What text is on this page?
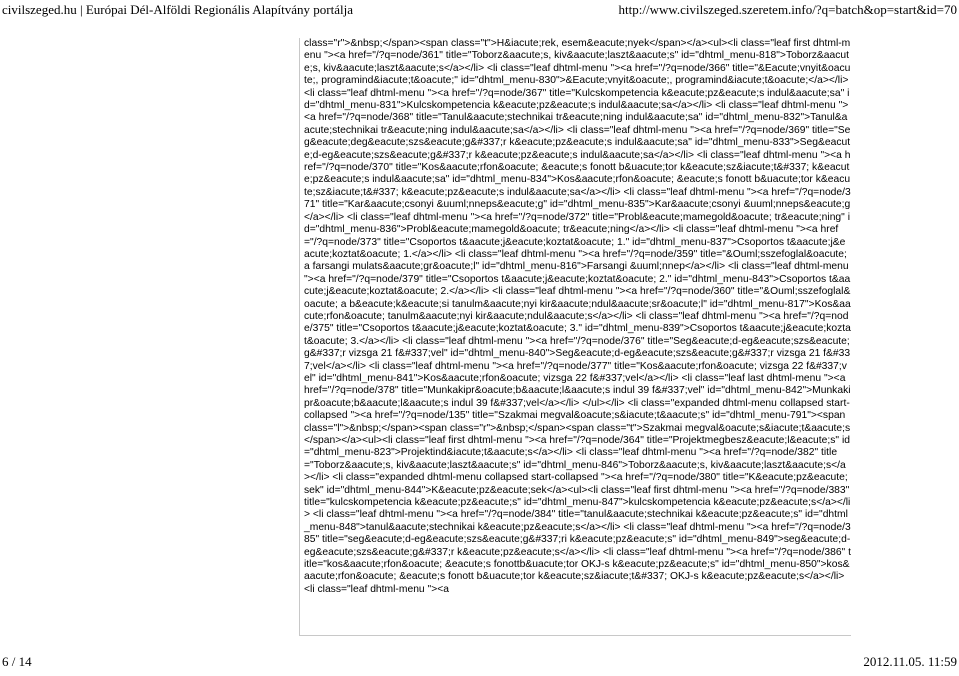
civilszeged.hu | Európai Dél-Alföldi Regionális Alapítvány portálja	http://www.civilszeged.szeretem.info/?q=batch&op=start&id=70

class="r">&nbsp;</span><span class="t">H&iacute;rek, esem&eacute;nyek</span></a><ul><li class="leaf first dhtml-menu "><a href="/?q=node/361" title="Toborz&aacute;s, kiv&aacute;laszt&aacute;s" id="dhtml_menu-818">Toborz&aacute;s, kiv&aacute;laszt&aacute;s</a></li> <li class="leaf dhtml-menu "><a href="/?q=node/366" title="&Eacute;vnyit&oacute;, programind&iacute;t&oacute;" id="dhtml_menu-830">&Eacute;vnyit&oacute;, programind&iacute;t&oacute;</a></li> <li class="leaf dhtml-menu "><a href="/?q=node/367" title="Kulcskompetencia k&eacute;pz&eacute;s indul&aacute;sa" id="dhtml_menu-831">Kulcskompetencia k&eacute;pz&eacute;s indul&aacute;sa</a></li> <li class="leaf dhtml-menu "><a href="/?q=node/368" title="Tanul&aacute;stechnikai tr&eacute;ning indul&aacute;sa" id="dhtml_menu-832">Tanul&aacute;stechnikai tr&eacute;ning indul&aacute;sa</a></li> <li class="leaf dhtml-menu "><a href="/?q=node/369" title="Seg&eacute;deg&eacute;szs&eacute;g&#337;r k&eacute;pz&eacute;s indul&aacute;sa" id="dhtml_menu-833">Seg&eacute;d-eg&eacute;szs&eacute;g&#337;r k&eacute;pz&eacute;s indul&aacute;sa</a></li> <li class="leaf dhtml-menu "><a href="/?q=node/370" title="Kos&aacute;rfon&oacute; &eacute;s fonott b&uacute;tor k&eacute;sz&iacute;t&#337; k&eacute;pz&eacute;s indul&aacute;sa" id="dhtml_menu-834">Kos&aacute;rfon&oacute; &eacute;s fonott b&uacute;tor k&eacute;sz&iacute;t&#337; k&eacute;pz&eacute;s indul&aacute;sa</a></li> <li class="leaf dhtml-menu "><a href="/?q=node/371" title="Kar&aacute;csonyi &uuml;nneps&eacute;g" id="dhtml_menu-835">Kar&aacute;csonyi &uuml;nneps&eacute;g</a></li> <li class="leaf dhtml-menu "><a href="/?q=node/372" title="Probl&eacute;mamegold&oacute; tr&eacute;ning" id="dhtml_menu-836">Probl&eacute;mamegold&oacute; tr&eacute;ning</a></li> <li class="leaf dhtml-menu "><a href="/?q=node/373" title="Csoportos t&aacute;j&eacute;koztat&oacute; 1." id="dhtml_menu-837">Csoportos t&aacute;j&eacute;koztat&oacute; 1.</a></li> <li class="leaf dhtml-menu "><a href="/?q=node/359" title="&Ouml;sszefoglal&oacute; a farsangi mulats&aacute;gr&oacute;l" id="dhtml_menu-816">Farsangi &uuml;nnep</a></li> <li class="leaf dhtml-menu "><a href="/?q=node/379" title="Csoportos t&aacute;j&eacute;koztat&oacute; 2." id="dhtml_menu-843">Csoportos t&aacute;j&eacute;koztat&oacute; 2.</a></li> <li class="leaf dhtml-menu "><a href="/?q=node/360" title="&Ouml;sszefoglal&oacute; a b&eacute;k&eacute;si tanulm&aacute;nyi kir&aacute;ndul&aacute;sr&oacute;l" id="dhtml_menu-817">Kos&aacute;rfon&oacute; tanulm&aacute;nyi kir&aacute;ndul&aacute;s</a></li> <li class="leaf dhtml-menu "><a href="/?q=node/375" title="Csoportos t&aacute;j&eacute;koztat&oacute; 3." id="dhtml_menu-839">Csoportos t&aacute;j&eacute;koztat&oacute; 3.</a></li> <li class="leaf dhtml-menu "><a href="/?q=node/376" title="Seg&eacute;d-eg&eacute;szs&eacute;g&#337;r vizsga 21 f&#337;vel" id="dhtml_menu-840">Seg&eacute;d-eg&eacute;szs&eacute;g&#337;r vizsga 21 f&#337;vel</a></li> <li class="leaf dhtml-menu "><a href="/?q=node/377" title="Kos&aacute;rfon&oacute; vizsga 22 f&#337;vel" id="dhtml_menu-841">Kos&aacute;rfon&oacute; vizsga 22 f&#337;vel</a></li> <li class="leaf last dhtml-menu "><a href="/?q=node/378" title="Munkakipr&oacute;b&aacute;l&aacute;s indul 39 f&#337;vel" id="dhtml_menu-842">Munkakipr&oacute;b&aacute;l&aacute;s indul 39 f&#337;vel</a></li> </ul></li> <li class="expanded dhtml-menu collapsed start-collapsed "><a href="/?q=node/135" title="Szakmai megval&oacute;s&iacute;t&aacute;s" id="dhtml_menu-791"><span class="l">&nbsp;</span><span class="r">&nbsp;</span><span class="t">Szakmai megval&oacute;s&iacute;t&aacute;s</span></a><ul><li class="leaf first dhtml-menu "><a href="/?q=node/364" title="Projektmegbesz&eacute;l&eacute;s" id="dhtml_menu-823">Projektind&iacute;t&aacute;s</a></li> <li class="leaf dhtml-menu "><a href="/?q=node/382" title="Toborz&aacute;s, kiv&aacute;laszt&aacute;s" id="dhtml_menu-846">Toborz&aacute;s, kiv&aacute;laszt&aacute;s</a></li> <li class="expanded dhtml-menu collapsed start-collapsed "><a href="/?q=node/380" title="K&eacute;pz&eacute;sek" id="dhtml_menu-844">K&eacute;pz&eacute;sek</a><ul><li class="leaf first dhtml-menu "><a href="/?q=node/383" title="kulcskompetencia k&eacute;pz&eacute;s" id="dhtml_menu-847">kulcskompetencia k&eacute;pz&eacute;s</a></li> <li class="leaf dhtml-menu "><a href="/?q=node/384" title="tanul&aacute;stechnikai k&eacute;pz&eacute;s" id="dhtml_menu-848">tanul&aacute;stechnikai k&eacute;pz&eacute;s</a></li> <li class="leaf dhtml-menu "><a href="/?q=node/385" title="seg&eacute;d-eg&eacute;szs&eacute;g&#337;ri k&eacute;pz&eacute;s" id="dhtml_menu-849">seg&eacute;d-eg&eacute;szs&eacute;g&#337;r k&eacute;pz&eacute;s</a></li> <li class="leaf dhtml-menu "><a href="/?q=node/386" title="kos&aacute;rfon&oacute; &eacute;s fonottb&uacute;tor OKJ-s k&eacute;pz&eacute;s" id="dhtml_menu-850">kos&aacute;rfon&oacute; &eacute;s fonott b&uacute;tor k&eacute;sz&iacute;t&#337; OKJ-s k&eacute;pz&eacute;s</a></li> <li class="leaf dhtml-menu "><a

6 / 14	2012.11.05. 11:59
